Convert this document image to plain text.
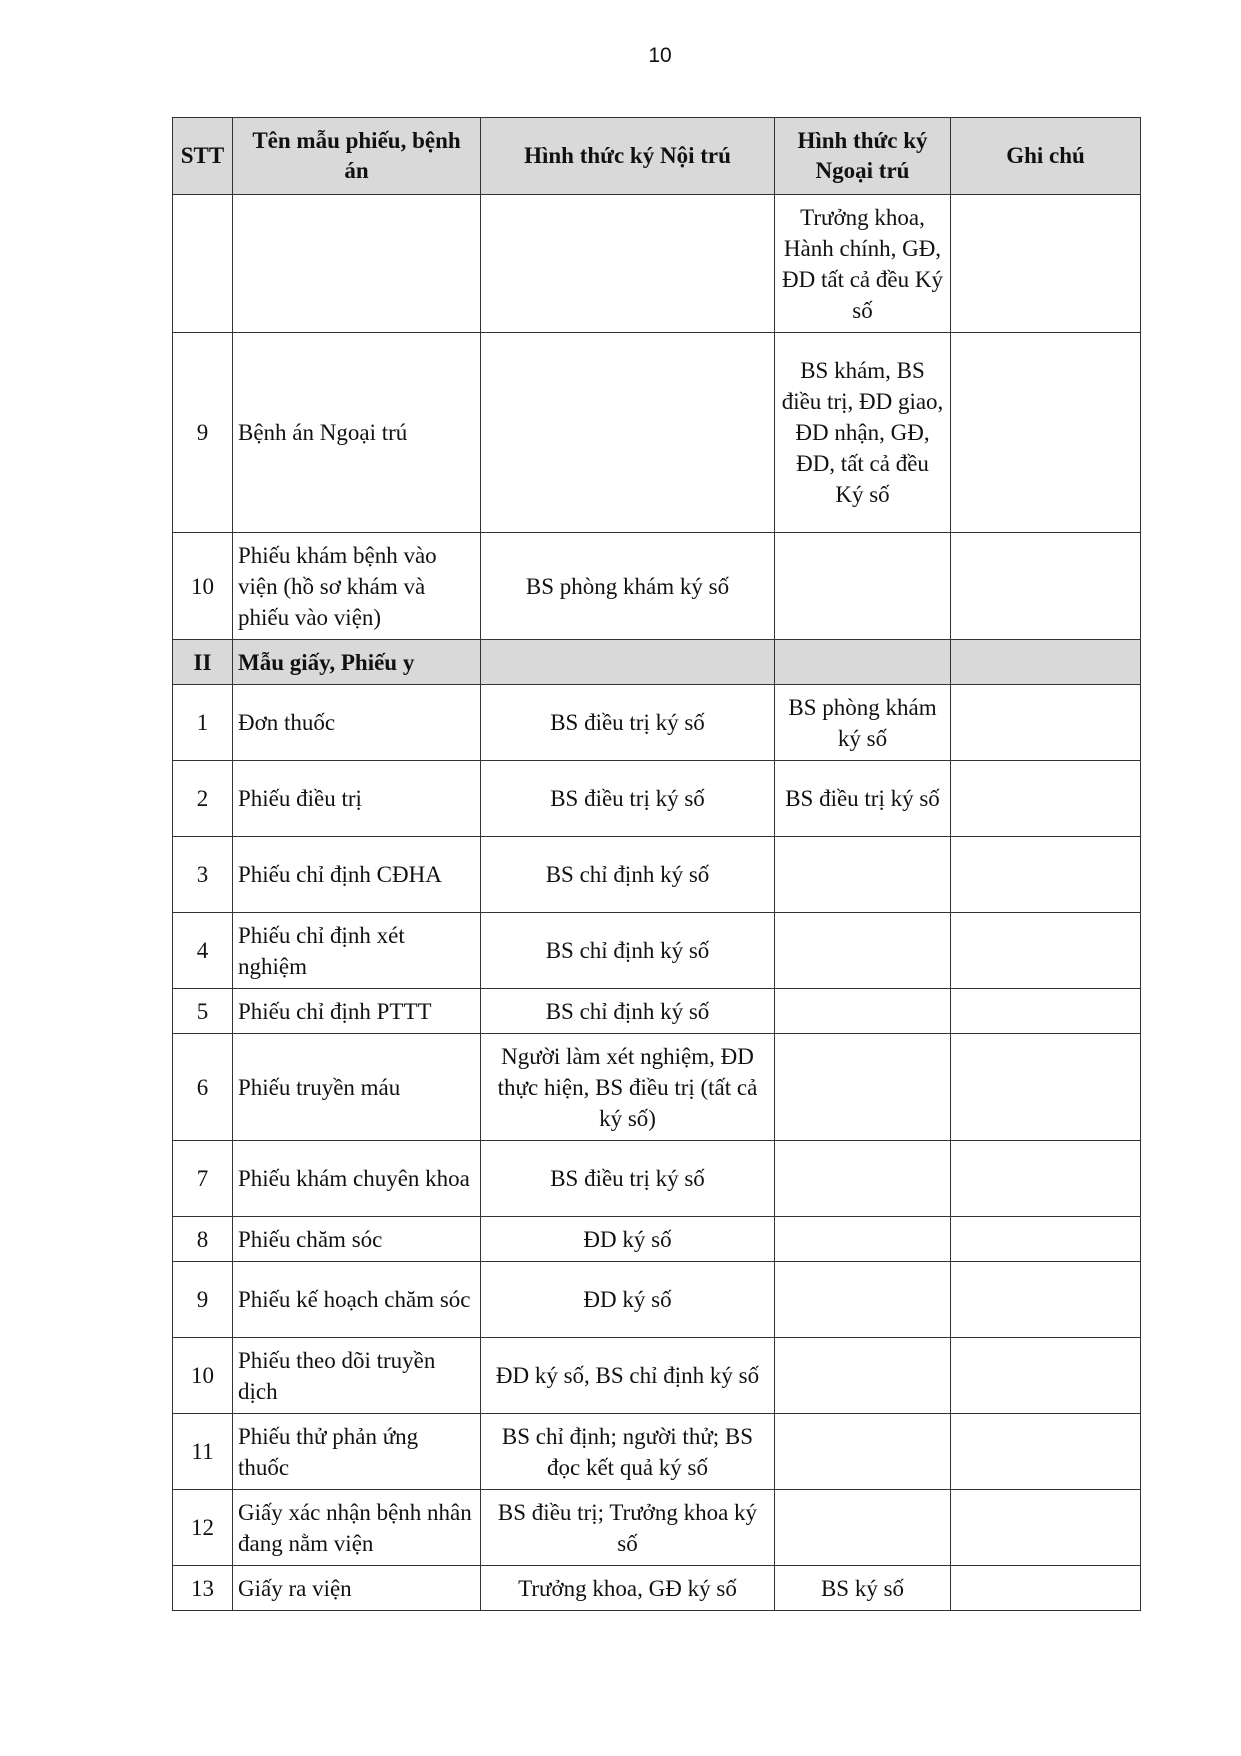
10
STT	Tên mẫu phiếu, bệnh án	Hình thức ký Nội trú	Hình thức ký Ngoại trú	Ghi chú
			Trưởng khoa, Hành chính, GĐ, ĐD tất cả đều Ký số	
9	Bệnh án Ngoại trú		BS khám, BS điều trị, ĐD giao, ĐD nhận, GĐ, ĐD, tất cả đều Ký số	
10	Phiếu khám bệnh vào viện (hồ sơ khám và phiếu vào viện)	BS phòng khám ký số		
II	Mẫu giấy, Phiếu y			
1	Đơn thuốc	BS điều trị ký số	BS phòng khám ký số	
2	Phiếu điều trị	BS điều trị ký số	BS điều trị ký số	
3	Phiếu chỉ định CĐHA	BS chỉ định ký số		
4	Phiếu chỉ định xét nghiệm	BS chỉ định ký số		
5	Phiếu chỉ định PTTT	BS chỉ định ký số		
6	Phiếu truyền máu	Người làm xét nghiệm, ĐD thực hiện, BS điều trị (tất cả ký số)		
7	Phiếu khám chuyên khoa	BS điều trị ký số		
8	Phiếu chăm sóc	ĐD ký số		
9	Phiếu kế hoạch chăm sóc	ĐD ký số		
10	Phiếu theo dõi truyền dịch	ĐD ký số, BS chỉ định ký số		
11	Phiếu thử phản ứng thuốc	BS chỉ định; người thử; BS đọc kết quả ký số		
12	Giấy xác nhận bệnh nhân đang nằm viện	BS điều trị; Trưởng khoa ký số		
13	Giấy ra viện	Trưởng khoa, GĐ ký số	BS ký số	
